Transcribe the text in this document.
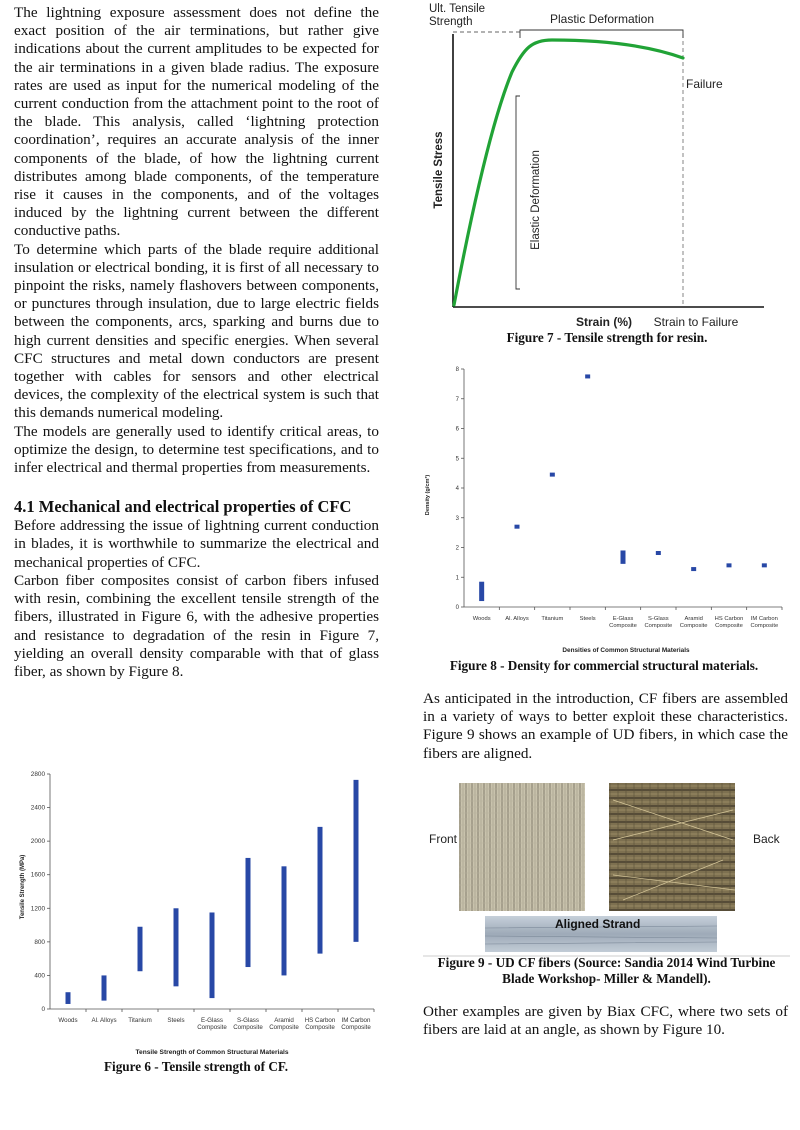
The lightning exposure assessment does not define the exact position of the air terminations, but rather give indications about the current amplitudes to be expected for the air terminations in a given blade radius. The exposure rates are used as input for the numerical modeling of the current conduction from the attachment point to the root of the blade. This analysis, called ‘lightning protection coordination’, requires an accurate analysis of the inner components of the blade, of how the lightning current distributes among blade components, of the temperature rise it causes in the components, and of the voltages induced by the lightning current between the different conductive paths.

To determine which parts of the blade require additional insulation or electrical bonding, it is first of all necessary to pinpoint the risks, namely flashovers between components, or punctures through insulation, due to large electric fields between the components, arcs, sparking and burns due to high current densities and specific energies. When several CFC structures and metal down conductors are present together with cables for sensors and other electrical devices, the complexity of the electrical system is such that this demands numerical modeling.

The models are generally used to identify critical areas, to optimize the design, to determine test specifications, and to infer electrical and thermal properties from measurements.

4.1 Mechanical and electrical properties of CFC

Before addressing the issue of lightning current conduction in blades, it is worthwhile to summarize the electrical and mechanical properties of CFC.

Carbon fiber composites consist of carbon fibers infused with resin, combining the excellent tensile strength of the fibers, illustrated in Figure 6, with the adhesive properties and resistance to degradation of the resin in Figure 7, yielding an overall density comparable with that of glass fiber, as shown by Figure 8.

Tensile Strength (MPa)
Tensile Strength of Common Structural Materials
0
400
800
1200
1600
2000
2400
2800
Woods Al. Alloys Titanium	Steels	E-Glass Composite
S-Glass Composite
Aramid Composite
HS Carbon Composite
IM Carbon Composite
Figure 6 - Tensile strength of CF.
Ult. Tensile
Strength	Plastic Deformation
Failure
Elastic Deformation
Tensile Stress
Strain (%) Strain to Failure
Figure 7 - Tensile strength for resin.
Density (g/cm³)
Densities of Common Structural Materials
0
1
2
3
4
5
6
7
8
Woods	Al. Alloys Titanium	Steels	E-Glass Composite
S-Glass Composite
Aramid Composite
HS Carbon Composite
IM Carbon Composite
Figure 8 - Density for commercial structural materials.

As anticipated in the introduction, CF fibers are assembled in a variety of ways to better exploit these characteristics. Figure 9 shows an example of UD fibers, in which case the fibers are aligned.

Front	Back
Aligned Strand
Figure 9 - UD CF fibers (Source: Sandia 2014 Wind Turbine Blade Workshop- Miller & Mandell).

Other examples are given by Biax CFC, where two sets of fibers are laid at an angle, as shown by Figure 10.
